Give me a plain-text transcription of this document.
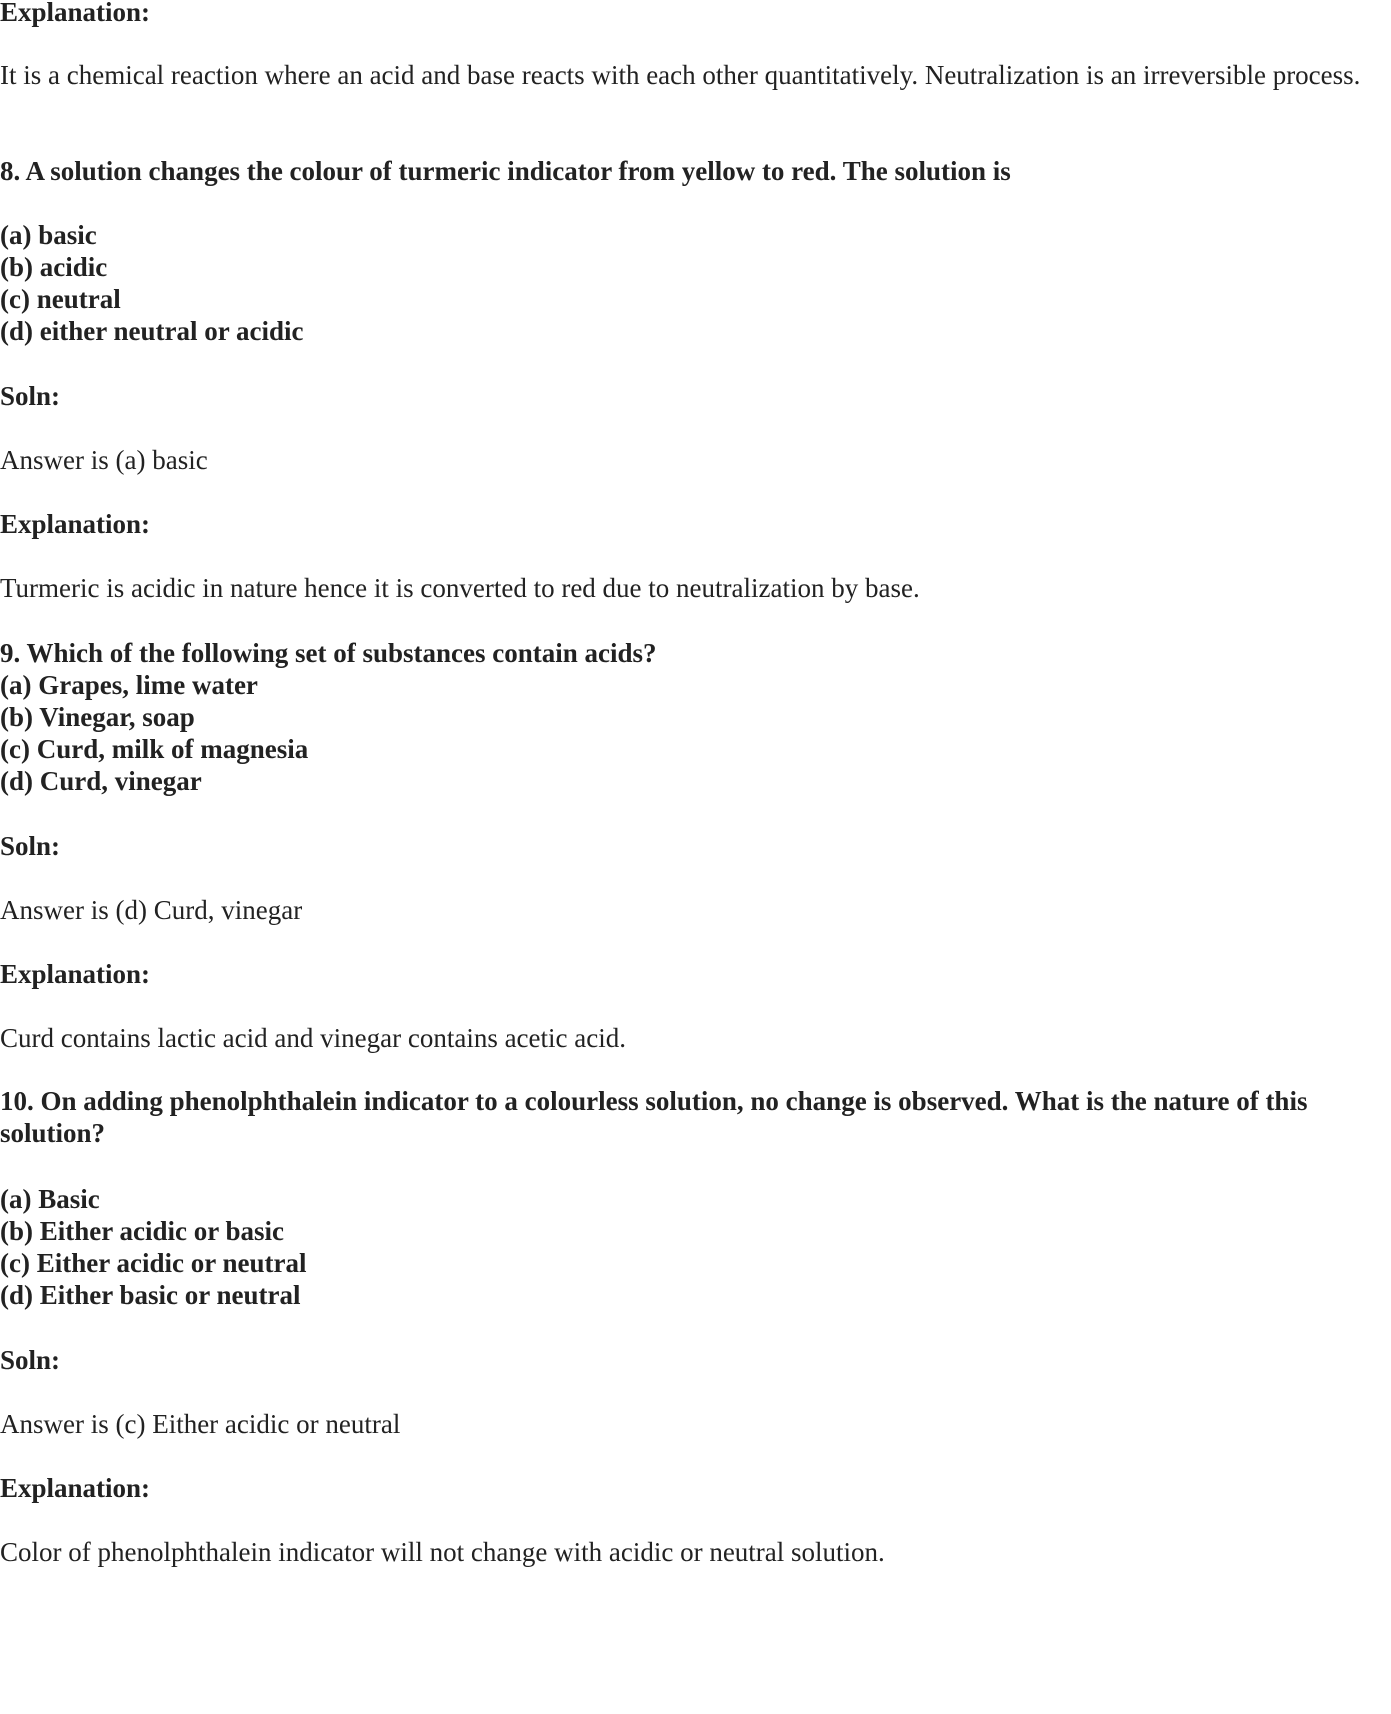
Explanation:
It is a chemical reaction where an acid and base reacts with each other quantitatively. Neutralization is an irreversible process.
8. A solution changes the colour of turmeric indicator from yellow to red. The solution is
(a) basic
(b) acidic
(c) neutral
(d) either neutral or acidic
Soln:
Answer is (a) basic
Explanation:
Turmeric is acidic in nature hence it is converted to red due to neutralization by base.
9. Which of the following set of substances contain acids?
(a) Grapes, lime water
(b) Vinegar, soap
(c) Curd, milk of magnesia
(d) Curd, vinegar
Soln:
Answer is (d) Curd, vinegar
Explanation:
Curd contains lactic acid and vinegar contains acetic acid.
10. On adding phenolphthalein indicator to a colourless solution, no change is observed. What is the nature of this solution?
(a) Basic
(b) Either acidic or basic
(c) Either acidic or neutral
(d) Either basic or neutral
Soln:
Answer is (c) Either acidic or neutral
Explanation:
Color of phenolphthalein indicator will not change with acidic or neutral solution.
